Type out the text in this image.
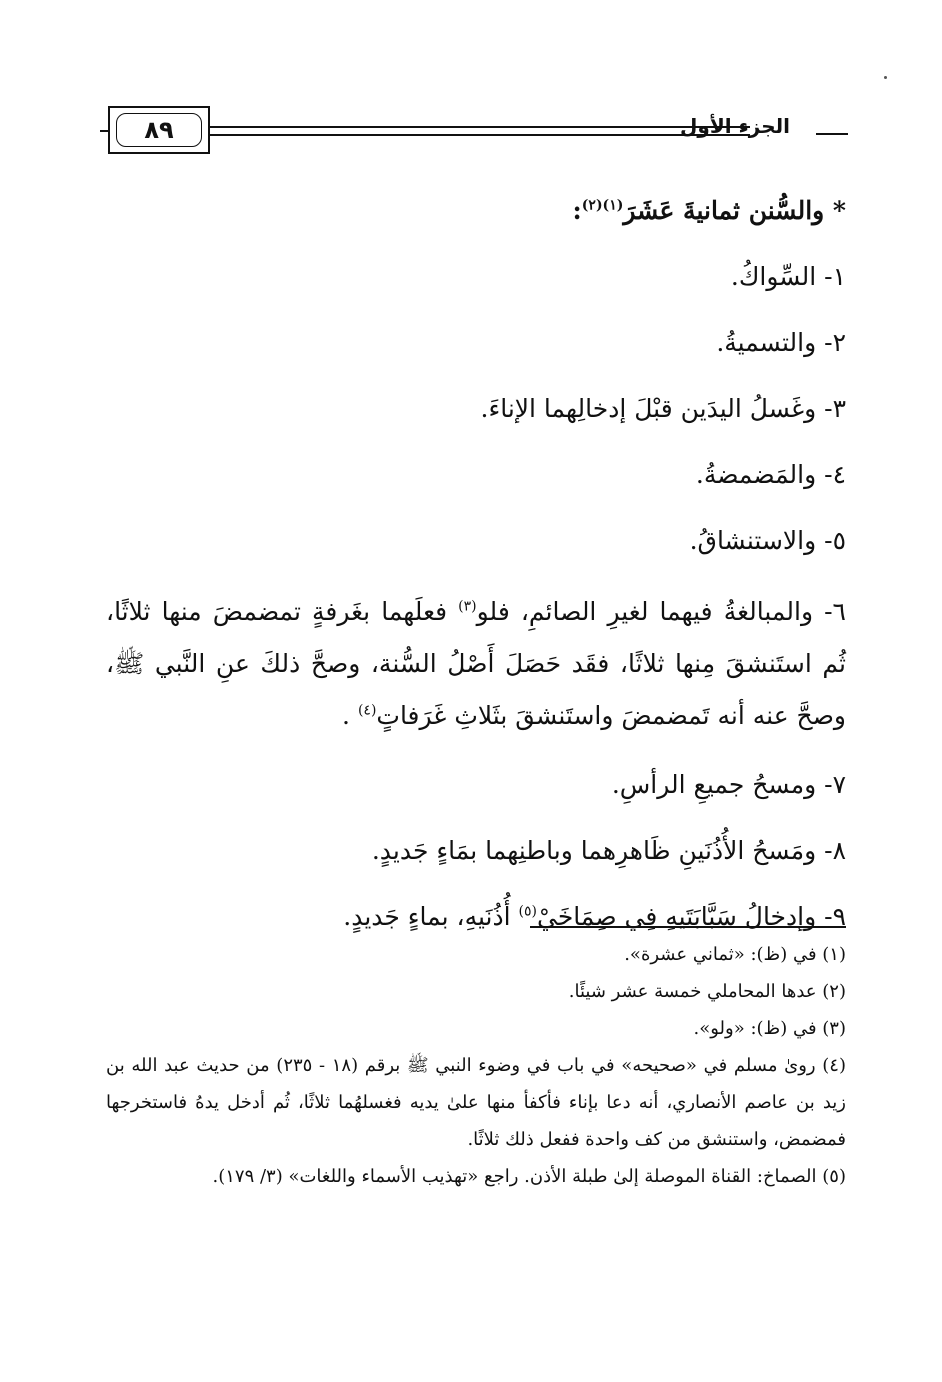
٨٩	الجزء الأول

* والسُّنن ثمانيةَ عَشَرَ$^{(١)(٢)}$:

١- السِّواكُ.

٢- والتسميةُ.

٣- وغَسلُ اليدَين قبْلَ إدخالِهما الإناءَ.

٤- والمَضمضةُ.

٥- والاستنشاقُ.

٦- والمبالغةُ فيهما لغيرِ الصائمِ، فلو$^{(٣)}$ فعلَهما بغَرفةٍ تمضمضَ منها ثلاثًا، ثُم استَنشقَ مِنها ثلاثًا، فقَد حَصَلَ أَصْلُ السُّنة، وصحَّ ذلكَ عنِ النَّبي ﷺ، وصحَّ عنه أنه تَمضمضَ واستَنشقَ بثَلاثِ غَرَفاتٍ$^{(٤)}$ .

٧- ومسحُ جميعِ الرأسِ.

٨- ومَسحُ الأُذُنَينِ ظَاهرِهما وباطنِهما بمَاءٍ جَديدٍ.

٩- وإدخالُ سَبَّابَتَيهِ فِي صِمَاخَيْ$^{(٥)}$ أُذُنَيهِ، بماءٍ جَديدٍ.

(١) في (ظ): «ثماني عشرة».

(٢) عدها المحاملي خمسة عشر شيئًا.

(٣) في (ظ): «ولو».

(٤) روىٰ مسلم في «صحيحه» في باب في وضوء النبي ﷺ برقم (١٨ - ٢٣٥) من حديث عبد الله بن زيد بن عاصم الأنصاري، أنه دعا بإناء فأكفأ منها علىٰ يديه فغسلهُما ثلاثًا، ثُم أدخل يدهُ فاستخرجها فمضمض، واستنشق من كف واحدة ففعل ذلك ثلاثًا.

(٥) الصماخ: القناة الموصلة إلىٰ طبلة الأذن. راجع «تهذيب الأسماء واللغات» (٣/ ١٧٩).
